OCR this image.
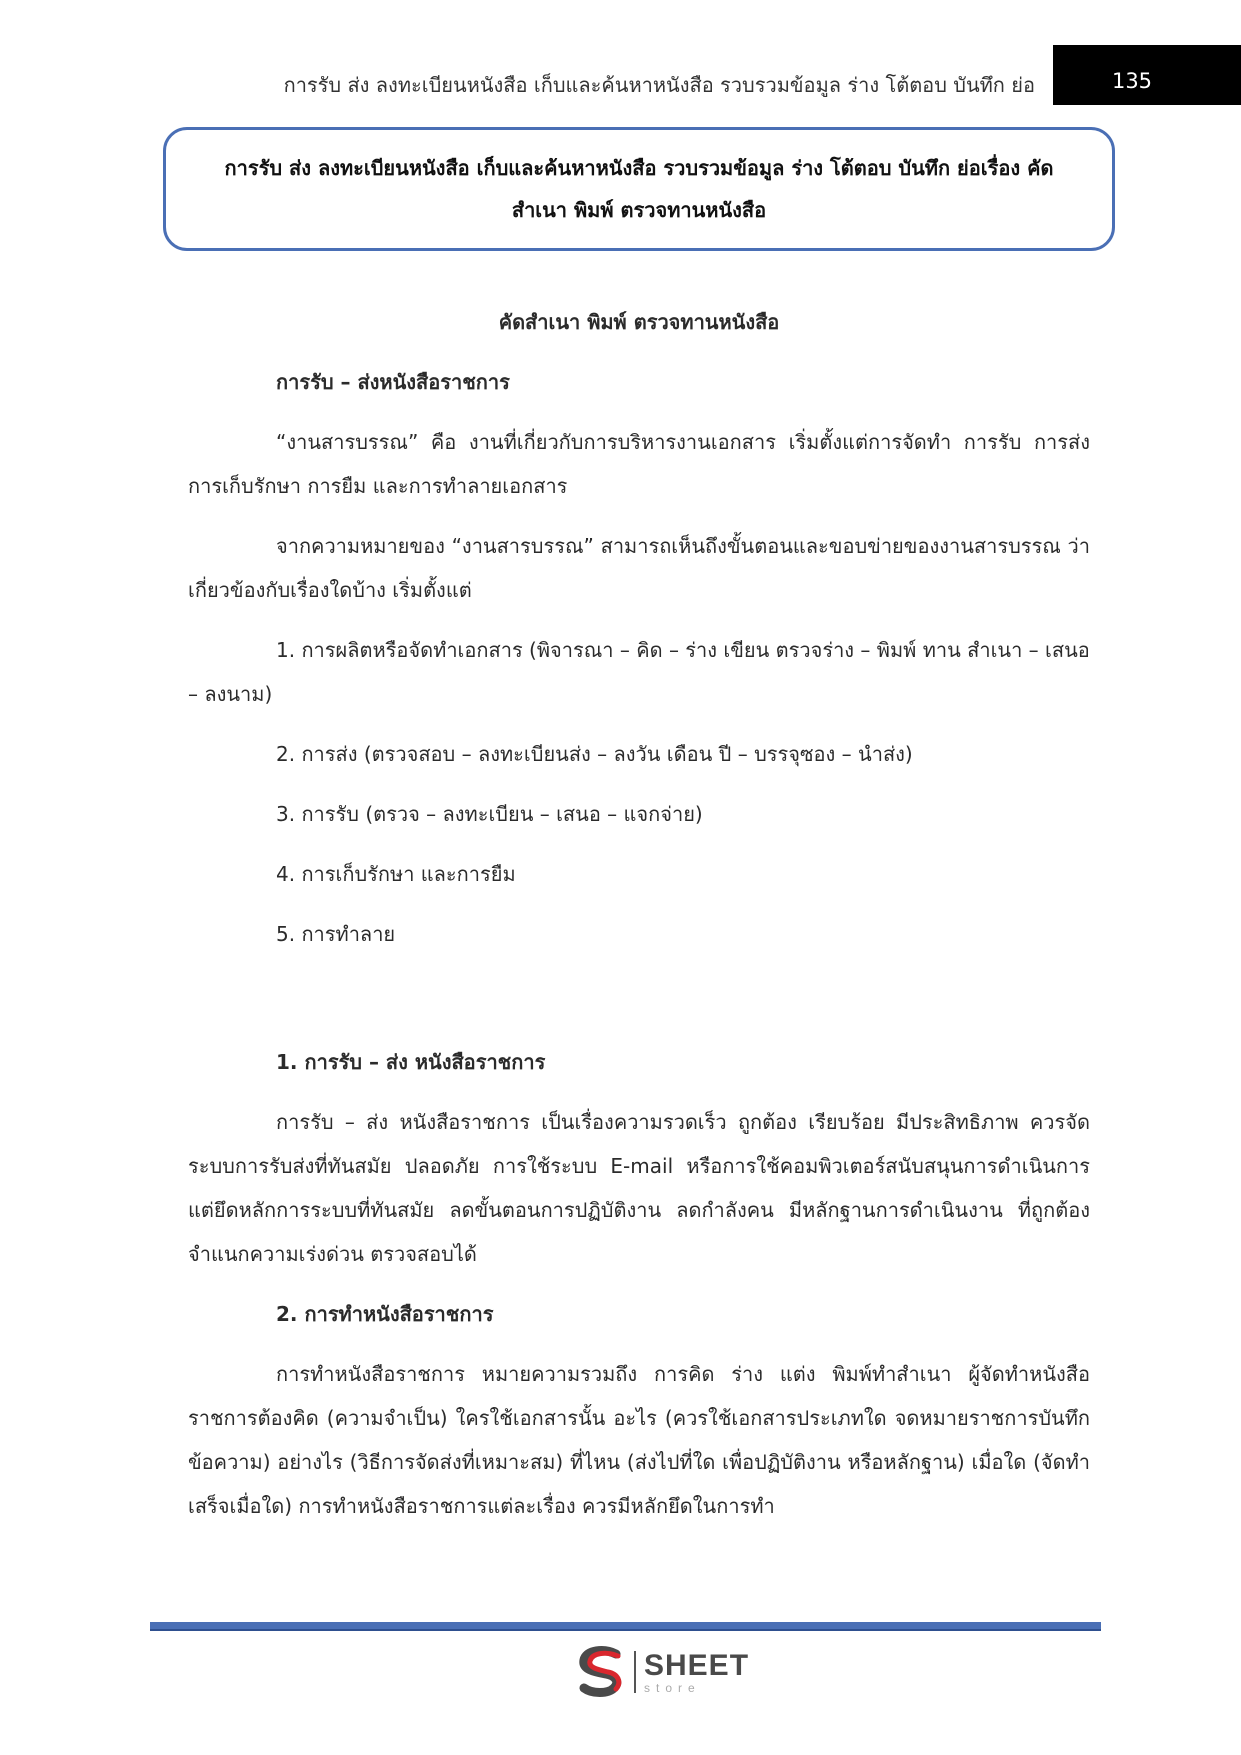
การรับ ส่ง ลงทะเบียนหนังสือ เก็บและค้นหาหนังสือ รวบรวมข้อมูล ร่าง โต้ตอบ บันทึก ย่อ	135

การรับ ส่ง ลงทะเบียนหนังสือ เก็บและค้นหาหนังสือ รวบรวมข้อมูล ร่าง โต้ตอบ บันทึก ย่อเรื่อง คัด

สำเนา พิมพ์ ตรวจทานหนังสือ

คัดสำเนา พิมพ์ ตรวจทานหนังสือ

การรับ – ส่งหนังสือราชการ

“งานสารบรรณ” คือ งานที่เกี่ยวกับการบริหารงานเอกสาร เริ่มตั้งแต่การจัดทำ การรับ การส่ง การเก็บรักษา การยืม และการทำลายเอกสาร

จากความหมายของ “งานสารบรรณ” สามารถเห็นถึงขั้นตอนและขอบข่ายของงานสารบรรณ ว่า เกี่ยวข้องกับเรื่องใดบ้าง เริ่มตั้งแต่

1. การผลิตหรือจัดทำเอกสาร (พิจารณา – คิด – ร่าง เขียน ตรวจร่าง – พิมพ์ ทาน สำเนา – เสนอ – ลงนาม)

2. การส่ง (ตรวจสอบ – ลงทะเบียนส่ง – ลงวัน เดือน ปี – บรรจุซอง – นำส่ง)

3. การรับ (ตรวจ – ลงทะเบียน – เสนอ – แจกจ่าย)

4. การเก็บรักษา และการยืม

5. การทำลาย

1. การรับ – ส่ง หนังสือราชการ

การรับ – ส่ง หนังสือราชการ เป็นเรื่องความรวดเร็ว ถูกต้อง เรียบร้อย มีประสิทธิภาพ ควรจัดระบบการรับส่งที่ทันสมัย ปลอดภัย การใช้ระบบ E-mail หรือการใช้คอมพิวเตอร์สนับสนุนการดำเนินการ แต่ยึดหลักการระบบที่ทันสมัย ลดขั้นตอนการปฏิบัติงาน ลดกำลังคน มีหลักฐานการดำเนินงาน ที่ถูกต้องจำแนกความเร่งด่วน ตรวจสอบได้

2. การทำหนังสือราชการ

การทำหนังสือราชการ หมายความรวมถึง การคิด ร่าง แต่ง พิมพ์ทำสำเนา ผู้จัดทำหนังสือราชการต้องคิด (ความจำเป็น) ใครใช้เอกสารนั้น อะไร (ควรใช้เอกสารประเภทใด จดหมายราชการบันทึกข้อความ) อย่างไร (วิธีการจัดส่งที่เหมาะสม) ที่ไหน (ส่งไปที่ใด เพื่อปฏิบัติงาน หรือหลักฐาน) เมื่อใด (จัดทำเสร็จเมื่อใด) การทำหนังสือราชการแต่ละเรื่อง ควรมีหลักยึดในการทำ

SHEET
store
